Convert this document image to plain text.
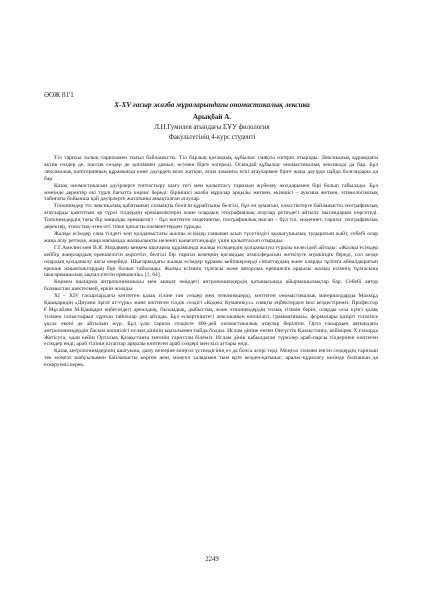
ӘОЖ 81'1
X-XV ғасыр жазба мұраларындағы ономастикалық лексика
Арықбай А.
Л.Н.Гумилев атындағы ЕҰУ филология
Факультетінің 4-курс студенті

Тіл тарихы халық тарихымен тығыз байланысты. Тіл барлық қоғамдық құбылыс сияқты өзгеріп отырады. Лексикалық құрамдағы актив сөздер де, пассив сөздер де қоғаммен дамып, өсумен бірге өзгереді. Осындай құбылыс ономастикалық лексикада да бар. Бұл лексикалық категорияның құрамында көне дәуірден келе жатқан, атам заманғы ескі атаулармен бірге жаңа дәуірде пайда болғандары да бар.

Қазақ ономастикасын дәуірлерге топтастыру шағу тегі мен қалыптасу тарихын жүйелеу жолдарымен бірі болып табылады. Бұл жөнінде деректер екі түрлі бағытта көрінс береді: біріншісі жазба мұралар арқылы жеткен, екіншісі – ауызша жеткен, этимологиялық табиғаты бойынша қай дәуірлерге жататыны анықталған атаулар.

Топонимдер тіл лексикалық қабатының салмақты бөлігін құрайтыны белгілі, бұл ел аумағын, елкістіктерге байланысты географиялық атауларды қамтитын әр түрлі тілдердің ерекшеліктерін және олардың географиялық атаулар ретіндегі айтылу нысандарын көрсетеді. Топонимдердің тағы бір маңызды ерекшелігі – бұл көптеген мәдениетке, географиялық нысан – бұл тіл, мәдениет, тарихи, географиялық деректер, этностық-этно-еті тіпке қатысты елементтерден тұрады.

Жалқы есімдер сана тілдегі көп қолданыстағы жалпы есімдер санынан асып түсетіндігі қызығушылық тудыратын жайт, себебі олар жаңа атау ретінде, жаңа мағынада жалқылықты иеленіп қанағаттандыру үшін қалыптасып отырады.

Г.Г.Амелин мен В.Я. Мордвиер кеңкем шығарма құрамында жалқы есімдердің қолданылуы туралы келесідей айтады: «Жалқы есімдер кейбір жанрлардың ерекшелігін көрсетіп, белгілі бір тарихи кезеңнің қоғамдық атмосферасын жеткізуге мүмкіндік береді, сол кезде олардың қолданылу аясы кеңейеді. Шығармадағы жалқы есімдер құрамы кейіпкерлерді сипаттаудың және оларды тұлғаға айналдыратын ерекше жиынтықтардың бірі болып табылады. Жалқы есімнің тұлғасы және авторлық ерекшелік арқылы жалқы есімнің тұлғасына шығармашылық ықпал ететін ерекшелік» [1, 64].

Көркем шығарма антропонимикасы мен ақиқат өмірдегі антропонимдердің қатынасында айырмашылықтар бар. Себебі автор болмыстан шектелмей, еркін жазады.

XI – XIV ғасырлардағы көптеген қазақ тіліне тән сөздер мен этнонимдерді, көптеген ономастикалық материалдарды Махмұд Қашқаридің «Диуани лұғат ат-түрк» және көптеген тілдік сөздігі «Кодекс Куманикус» сияқты еңбектерден мол кездестіреміз. Профессор Ғ.Мұсабаев М.Қашқари еңбегіндегі ареалдық, басымдық, дыбыстық және этнонимдердің толық тізімін беріп, оларды осы күнгі қазақ тілімен салыстырып тұрғын тайпалар деп айтады. Бұл ескерткіштегі лексиканың көпшілігі, грамматикасы, формалары қазіргі тілімізге ұқсас екені де айтылып жүр. Бұл ұлы тарихи сөздікте 400-дей ономастикалық атаулар берілген. Орта ғасырдың аяғындағы антропонимдердің басым көпшілігі ислам дінінің ықпалымен пайда болды. Ислам дініне енген Оңтүстік Қазақстанға, кейінірек Х ғасырда Жетісуға, одан кейін Орталық Қазақстанға енгенін тарихтан білеміз. Ислам дінін қабылдаған түркілер араб-парсы тілдерінен көптеген есімдер енді; араб тілінің кітаптар арқылы көптеген араб сөздері мен кісі аттары енді.

Қазақ антропонимдерінің шығуына, даму кезеңіне моңғол үстемдігінің ез да болса әсері тиді. Моңғол тілімен енген сөздердің тарихын тек моңғол шабуылымен байланысты көрген жөн, моңғол халқымен тым ерте кезден-қатынас, аралас-құраласу кезінде болғанын да ескеруіміз керек.

2249
